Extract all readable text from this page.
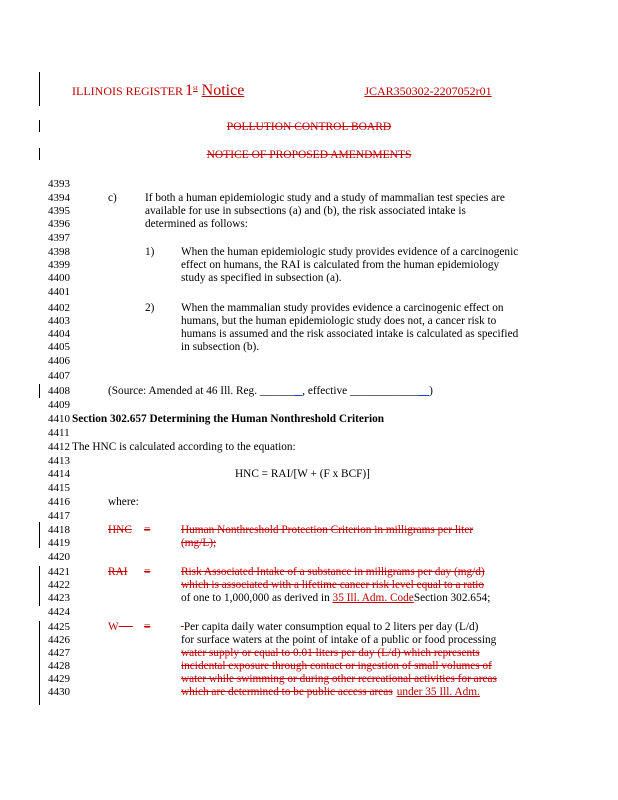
ILLINOIS REGISTER 1st Notice	JCAR350302-2207052r01
POLLUTION CONTROL BOARD
NOTICE OF PROPOSED AMENDMENTS
4393
4394
4395
4396
4397
4398
4399
4400
4401
4402
4403
4404
4405
4406
4407
4408
4409
4410
4411
4412
4413
4414
4415
4416
4417
4418
4419
4420
4421
4422
4423
4424
4425
4426
4427
4428
4429
4430
c) If both a human epidemiologic study and a study of mammalian test species are
available for use in subsections (a) and (b), the risk associated intake is
determined as follows:
1) When the human epidemiologic study provides evidence of a carcinogenic
effect on humans, the RAI is calculated from the human epidemiology
study as specified in subsection (a).
2) When the mammalian study provides evidence a carcinogenic effect on
humans, but the human epidemiologic study does not, a cancer risk to
humans is assumed and the risk associated intake is calculated as specified
in subsection (b).
(Source: Amended at 46 Ill. Reg. ______ _, effective ______________)
Section 302.657 Determining the Human Nonthreshold Criterion
The HNC is calculated according to the equation:
HNC = RAI/[W + (F x BCF)]
where:
HNC =	Human Nonthreshold Protection Criterion in milligrams per liter
(mg/L);
RAI =	Risk Associated Intake of a substance in milligrams per day (mg/d)
which is associated with a lifetime cancer risk level equal to a ratio
of one to 1,000,000 as derived in 35 Ill. Adm. CodeSection 302.654;
W	=	Per capita daily water consumption equal to 2 liters per day (L/d)
for surface waters at the point of intake of a public or food processing
water supply or equal to 0.01 liters per day (L/d) which represents
incidental exposure through contact or ingestion of small volumes of
water while swimming or during other recreational activities for areas
which are determined to be public access areas under 35 Ill. Adm.
